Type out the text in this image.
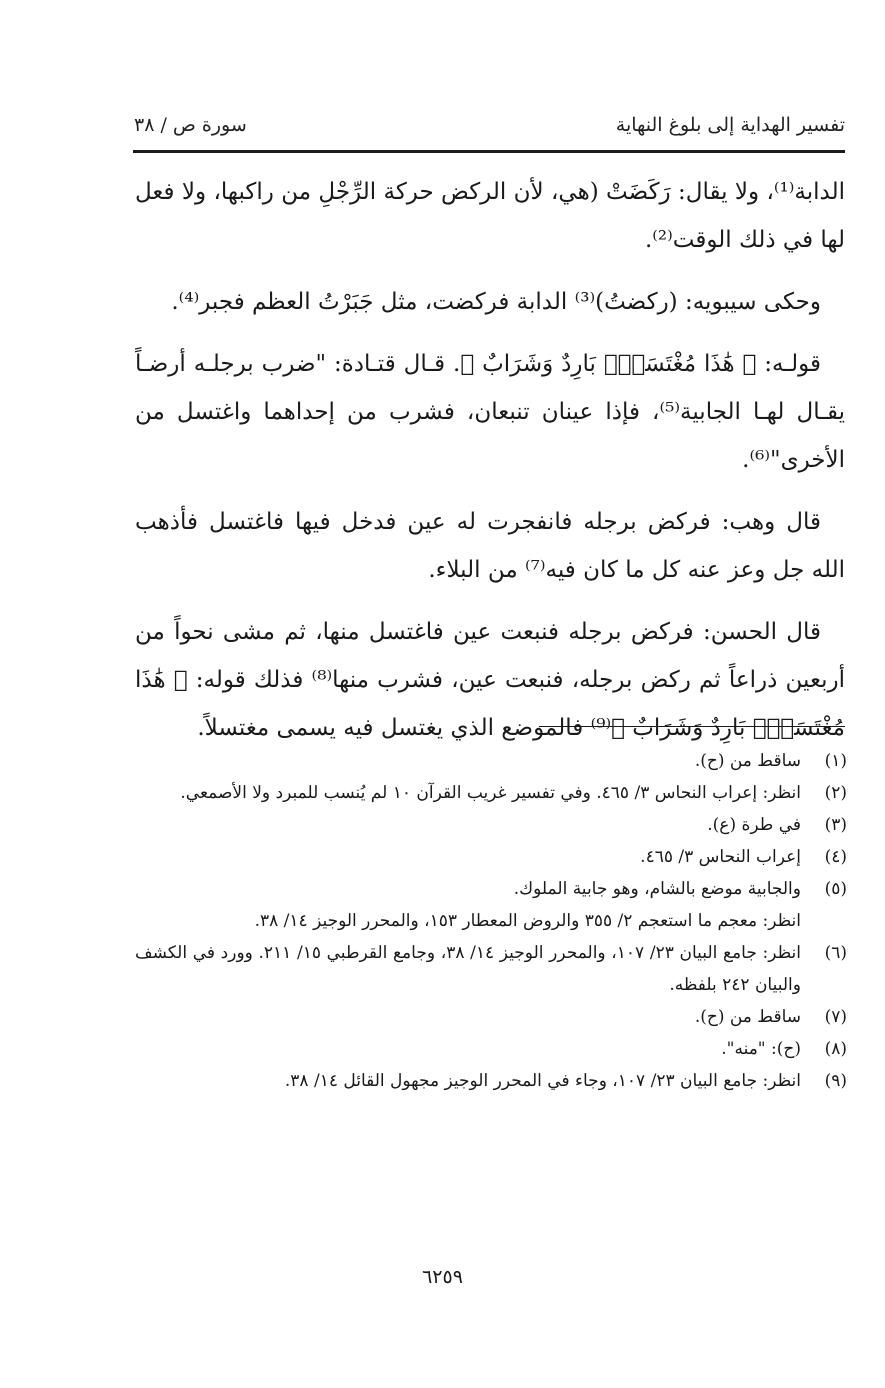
تفسير الهداية إلى بلوغ النهاية
سورة ص / ٣٨

الدابة⁽¹⁾، ولا يقال: رَكَضَتْ (هي، لأن الركض حركة الرِّجْلِ من راكبها، ولا فعل لها في ذلك الوقت⁽²⁾.

وحكى سيبويه: (ركضتُ)⁽³⁾ الدابة فركضت، مثل جَبَرْتُ العظم فجبر⁽⁴⁾.

قولـه: ﴿ هَٰذَا مُغْتَسَلٌۢ بَارِدٌ وَشَرَابٌ ﴾. قـال قتـادة: "ضرب برجلـه أرضـاً يقـال لهـا الجابية⁽⁵⁾، فإذا عينان تنبعان، فشرب من إحداهما واغتسل من الأخرى"⁽⁶⁾.

قال وهب: فركض برجله فانفجرت له عين فدخل فيها فاغتسل فأذهب الله جل وعز عنه كل ما كان فيه⁽⁷⁾ من البلاء.

قال الحسن: فركض برجله فنبعت عين فاغتسل منها، ثم مشى نحواً من أربعين ذراعاً ثم ركض برجله، فنبعت عين، فشرب منها⁽⁸⁾ فذلك قوله: ﴿ هَٰذَا مُغْتَسَلٌۢ بَارِدٌ وَشَرَابٌ ﴾⁽⁹⁾ فالموضع الذي يغتسل فيه يسمى مغتسلاً.

(١)
ساقط من (ح).
(٢)
انظر: إعراب النحاس ٣/ ٤٦٥. وفي تفسير غريب القرآن ١٠ لم يُنسب للمبرد ولا الأصمعي.
(٣)
في طرة (ع).
(٤)
إعراب النحاس ٣/ ٤٦٥.
(٥)
والجابية موضع بالشام، وهو جابية الملوك.
انظر: معجم ما استعجم ٢/ ٣٥٥ والروض المعطار ١٥٣، والمحرر الوجيز ١٤/ ٣٨.
(٦)
انظر: جامع البيان ٢٣/ ١٠٧، والمحرر الوجيز ١٤/ ٣٨، وجامع القرطبي ١٥/ ٢١١. وورد في الكشف والبيان ٢٤٢ بلفظه.
(٧)
ساقط من (ح).
(٨)
(ح): "منه".
(٩)
انظر: جامع البيان ٢٣/ ١٠٧، وجاء في المحرر الوجيز مجهول القائل ١٤/ ٣٨.
٦٢٥٩
